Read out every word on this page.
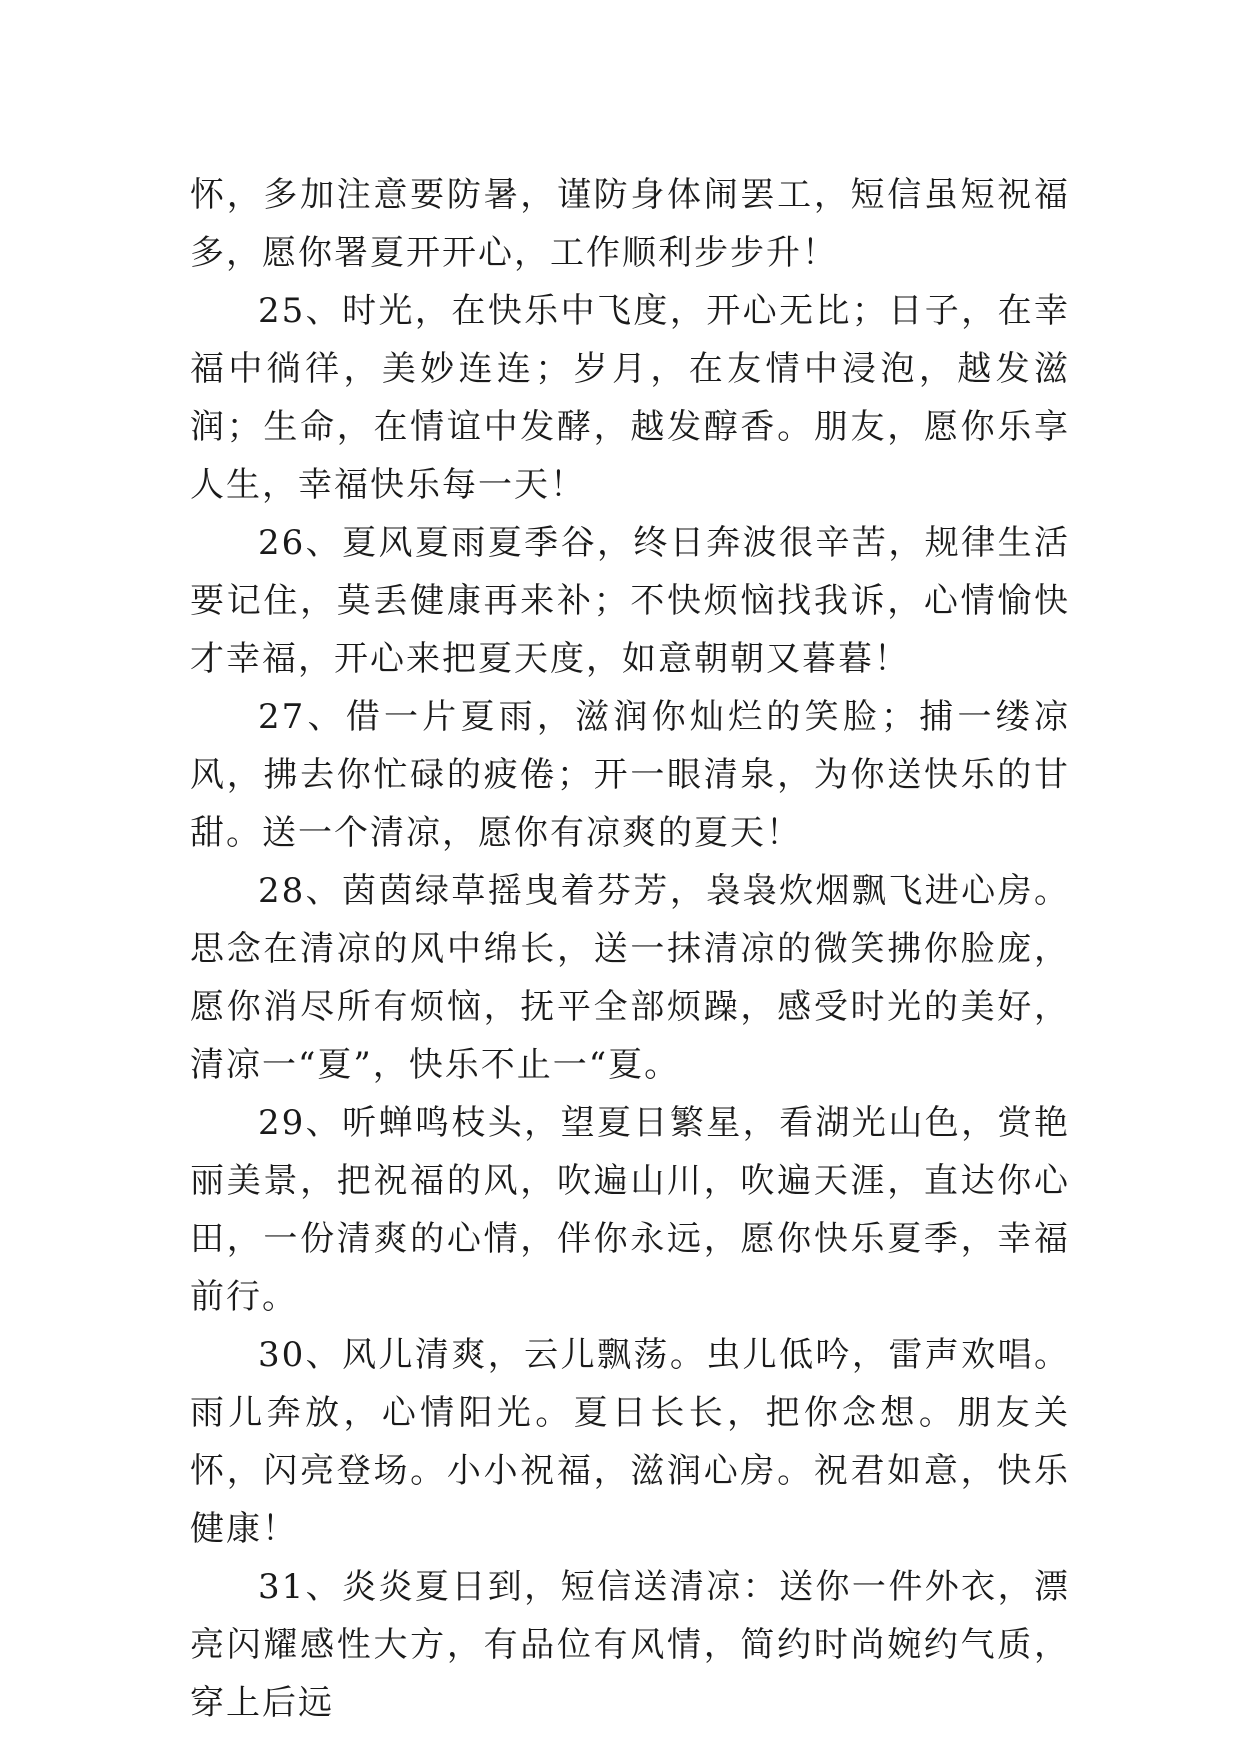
怀，多加注意要防暑，谨防身体闹罢工，短信虽短祝福多，愿你署夏开开心，工作顺利步步升！

25、时光，在快乐中飞度，开心无比；日子，在幸福中徜徉，美妙连连；岁月，在友情中浸泡，越发滋润；生命，在情谊中发酵，越发醇香。朋友，愿你乐享人生，幸福快乐每一天！

26、夏风夏雨夏季谷，终日奔波很辛苦，规律生活要记住，莫丢健康再来补；不快烦恼找我诉，心情愉快才幸福，开心来把夏天度，如意朝朝又暮暮！

27、借一片夏雨，滋润你灿烂的笑脸；捕一缕凉风，拂去你忙碌的疲倦；开一眼清泉，为你送快乐的甘甜。送一个清凉，愿你有凉爽的夏天！

28、茵茵绿草摇曳着芬芳，袅袅炊烟飘飞进心房。思念在清凉的风中绵长，送一抹清凉的微笑拂你脸庞，愿你消尽所有烦恼，抚平全部烦躁，感受时光的美好，清凉一“夏”，快乐不止一“夏。

29、听蝉鸣枝头，望夏日繁星，看湖光山色，赏艳丽美景，把祝福的风，吹遍山川，吹遍天涯，直达你心田，一份清爽的心情，伴你永远，愿你快乐夏季，幸福前行。

30、风儿清爽，云儿飘荡。虫儿低吟，雷声欢唱。雨儿奔放，心情阳光。夏日长长，把你念想。朋友关怀，闪亮登场。小小祝福，滋润心房。祝君如意，快乐健康！

31、炎炎夏日到，短信送清凉：送你一件外衣，漂亮闪耀感性大方，有品位有风情，简约时尚婉约气质，穿上后远
